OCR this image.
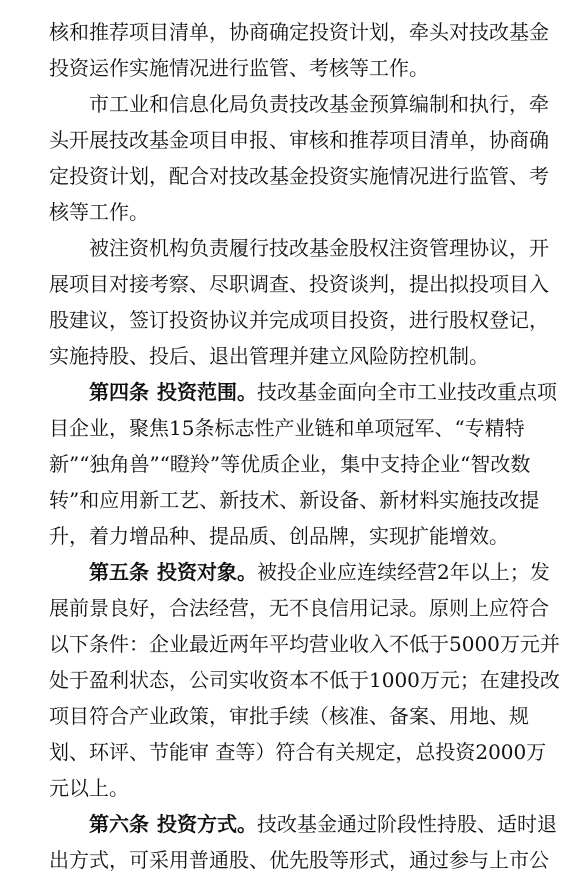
核和推荐项目清单，协商确定投资计划，牵头对技改基金投资运作实施情况进行监管、考核等工作。

市工业和信息化局负责技改基金预算编制和执行，牵头开展技改基金项目申报、审核和推荐项目清单，协商确定投资计划，配合对技改基金投资实施情况进行监管、考核等工作。

被注资机构负责履行技改基金股权注资管理协议，开展项目对接考察、尽职调查、投资谈判，提出拟投项目入股建议，签订投资协议并完成项目投资，进行股权登记，实施持股、投后、退出管理并建立风险防控机制。

第四条 投资范围。技改基金面向全市工业技改重点项目企业，聚焦15条标志性产业链和单项冠军、“专精特新”“独角兽”“瞪羚”等优质企业，集中支持企业“智改数转”和应用新工艺、新技术、新设备、新材料实施技改提升，着力增品种、提品质、创品牌，实现扩能增效。

第五条 投资对象。被投企业应连续经营2年以上；发展前景良好，合法经营，无不良信用记录。原则上应符合以下条件：企业最近两年平均营业收入不低于5000万元并处于盈利状态，公司实收资本不低于1000万元；在建投改项目符合产业政策，审批手续（核准、备案、用地、规划、环评、节能审 查等）符合有关规定，总投资2000万元以上。

第六条 投资方式。技改基金通过阶段性持股、适时退出方式，可采用普通股、优先股等形式，通过参与上市公
